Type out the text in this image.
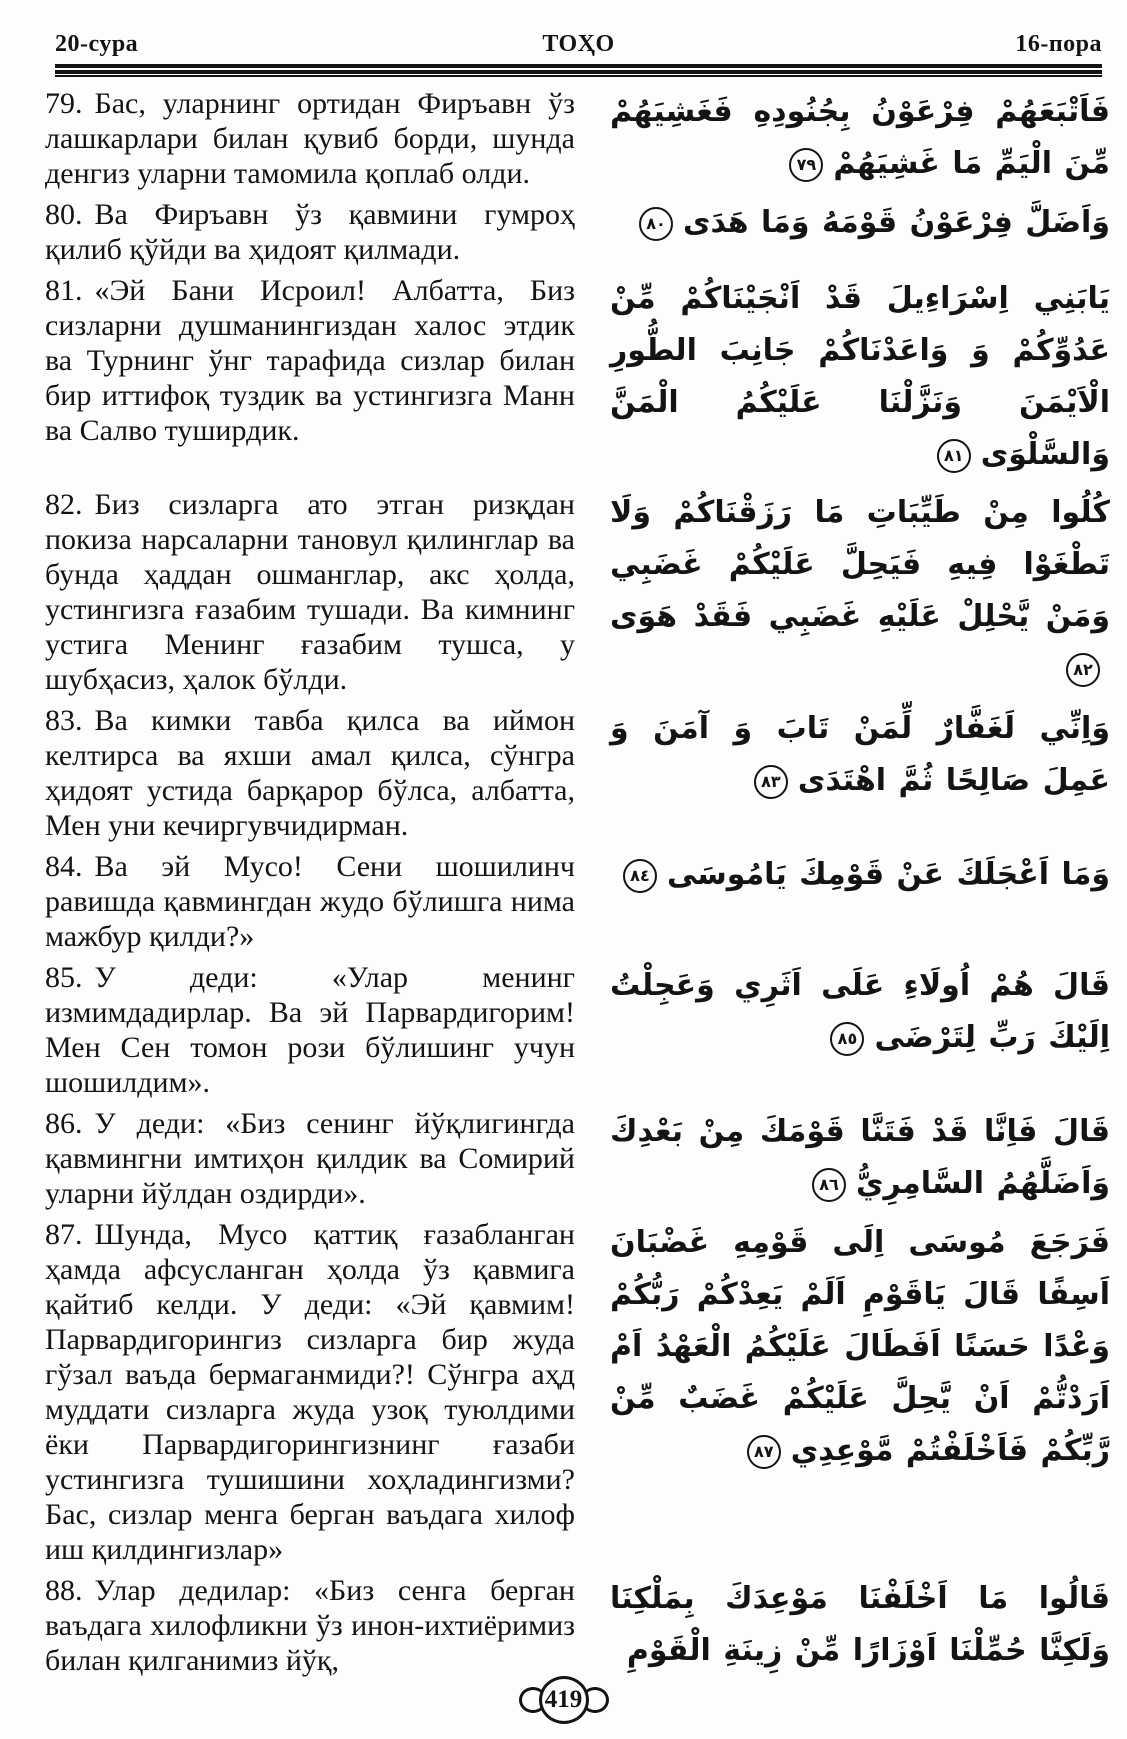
ТОҲО
20-сура	16-пора

79. Бас, уларнинг ортидан Фиръавн ўз лашкарлари билан қувиб борди, шунда денгиз уларни тамомила қоплаб олди.

فَاَتْبَعَهُمْ فِرْعَوْنُ بِجُنُودِهِ فَغَشِيَهُمْ مِّنَ الْيَمِّ مَا غَشِيَهُمْ٧٩

80. Ва Фиръавн ўз қавмини гумроҳ қилиб қўйди ва ҳидоят қилмади.

وَاَضَلَّ فِرْعَوْنُ قَوْمَهُ وَمَا هَدَى٨٠

81. «Эй Бани Исроил! Албатта, Биз сизларни душманингиздан халос этдик ва Турнинг ўнг тарафида сизлар билан бир иттифоқ туздик ва устингизга Манн ва Салво туширдик.

يَابَنِي اِسْرَاءِيلَ قَدْ اَنْجَيْنَاكُمْ مِّنْ عَدُوِّكُمْ وَ وَاعَدْنَاكُمْ جَانِبَ الطُّورِ الْاَيْمَنَ وَنَزَّلْنَا عَلَيْكُمُ الْمَنَّ وَالسَّلْوَى٨١

82. Биз сизларга ато этган ризқдан покиза нарсаларни тановул қилинглар ва бунда ҳаддан ошманглар, акс ҳолда, устингизга ғазабим тушади. Ва кимнинг устига Менинг ғазабим тушса, у шубҳасиз, ҳалок бўлди.

كُلُوا مِنْ طَيِّبَاتِ مَا رَزَقْنَاكُمْ وَلَا تَطْغَوْا فِيهِ فَيَحِلَّ عَلَيْكُمْ غَضَبِي وَمَنْ يَّحْلِلْ عَلَيْهِ غَضَبِي فَقَدْ هَوَى٨٢

83. Ва кимки тавба қилса ва иймон келтирса ва яхши амал қилса, сўнгра ҳидоят устида барқарор бўлса, албатта, Мен уни кечиргувчидирман.

وَاِنِّي لَغَفَّارٌ لِّمَنْ تَابَ وَ آمَنَ وَ عَمِلَ صَالِحًا ثُمَّ اهْتَدَى٨٣

84. Ва эй Мусо! Сени шошилинч равишда қавмингдан жудо бўлишга нима мажбур қилди?»

وَمَا اَعْجَلَكَ عَنْ قَوْمِكَ يَامُوسَى٨٤

85. У деди: «Улар менинг измимдадирлар. Ва эй Парвардигорим! Мен Сен томон рози бўлишинг учун шошилдим».

قَالَ هُمْ اُولَاءِ عَلَى اَثَرِي وَعَجِلْتُ اِلَيْكَ رَبِّ لِتَرْضَى٨٥

86. У деди: «Биз сенинг йўқлигингда қавмингни имтиҳон қилдик ва Сомирий уларни йўлдан оздирди».

قَالَ فَاِنَّا قَدْ فَتَنَّا قَوْمَكَ مِنْ بَعْدِكَ وَاَضَلَّهُمُ السَّامِرِيُّ٨٦

87. Шунда, Мусо қаттиқ ғазабланган ҳамда афсусланган ҳолда ўз қавмига қайтиб келди. У деди: «Эй қавмим! Парвардигорингиз сизларга бир жуда гўзал ваъда бермаганмиди?! Сўнгра аҳд муддати сизларга жуда узоқ туюлдими ёки Парвардигорингизнинг ғазаби устингизга тушишини хоҳладингизми? Бас, сизлар менга берган ваъдага хилоф иш қилдингизлар»

فَرَجَعَ مُوسَى اِلَى قَوْمِهِ غَضْبَانَ اَسِفًا قَالَ يَاقَوْمِ اَلَمْ يَعِدْكُمْ رَبُّكُمْ وَعْدًا حَسَنًا اَفَطَالَ عَلَيْكُمُ الْعَهْدُ اَمْ اَرَدْتُّمْ اَنْ يَّحِلَّ عَلَيْكُمْ غَضَبٌ مِّنْ رَّبِّكُمْ فَاَخْلَفْتُمْ مَّوْعِدِي٨٧

88. Улар дедилар: «Биз сенга берган ваъдага хилофликни ўз инон-ихтиёримиз билан қилганимиз йўқ,

قَالُوا مَا اَخْلَفْنَا مَوْعِدَكَ بِمَلْكِنَا وَلَكِنَّا حُمِّلْنَا اَوْزَارًا مِّنْ زِينَةِ الْقَوْمِ

419
